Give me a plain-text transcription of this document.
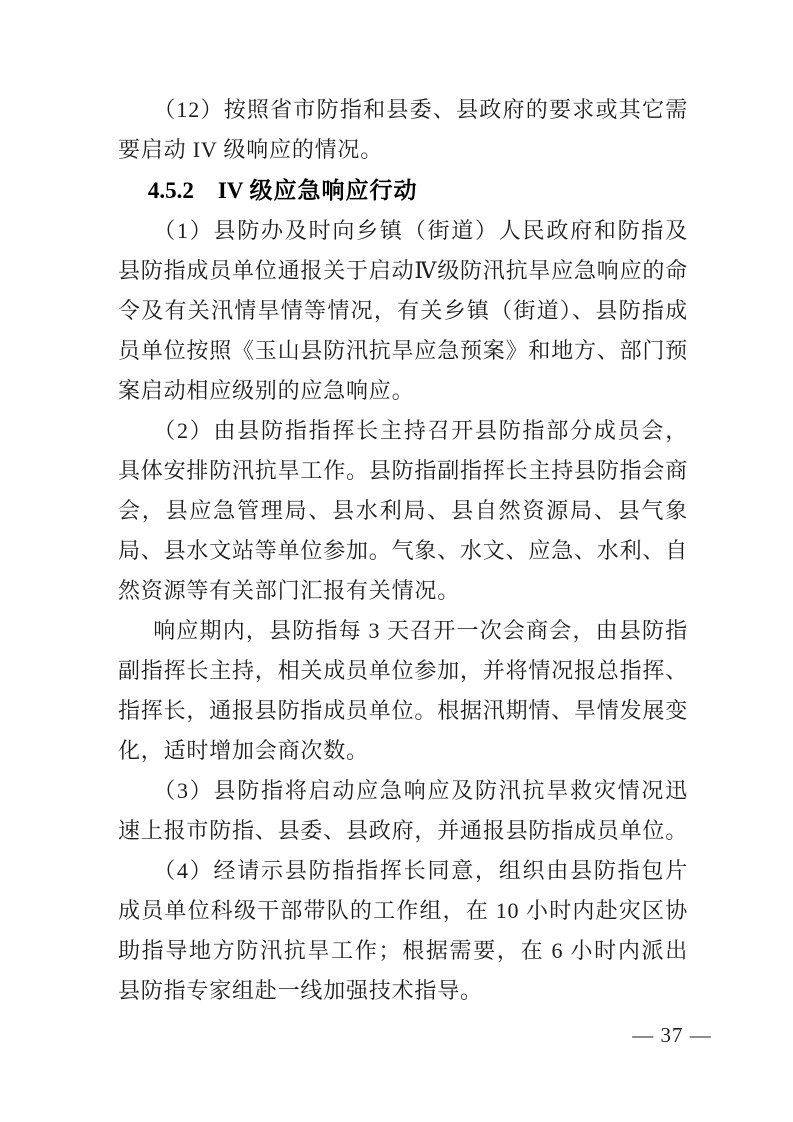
（12）按照省市防指和县委、县政府的要求或其它需要启动 IV 级响应的情况。

4.5.2 IV 级应急响应行动

（1）县防办及时向乡镇（街道）人民政府和防指及县防指成员单位通报关于启动Ⅳ级防汛抗旱应急响应的命令及有关汛情旱情等情况，有关乡镇（街道）、县防指成员单位按照《玉山县防汛抗旱应急预案》和地方、部门预案启动相应级别的应急响应。

（2）由县防指指挥长主持召开县防指部分成员会，具体安排防汛抗旱工作。县防指副指挥长主持县防指会商会，县应急管理局、县水利局、县自然资源局、县气象局、县水文站等单位参加。气象、水文、应急、水利、自然资源等有关部门汇报有关情况。

响应期内，县防指每 3 天召开一次会商会，由县防指副指挥长主持，相关成员单位参加，并将情况报总指挥、指挥长，通报县防指成员单位。根据汛期情、旱情发展变化，适时增加会商次数。

（3）县防指将启动应急响应及防汛抗旱救灾情况迅速上报市防指、县委、县政府，并通报县防指成员单位。

（4）经请示县防指指挥长同意，组织由县防指包片成员单位科级干部带队的工作组，在 10 小时内赴灾区协助指导地方防汛抗旱工作；根据需要，在 6 小时内派出县防指专家组赴一线加强技术指导。

— 37 —
